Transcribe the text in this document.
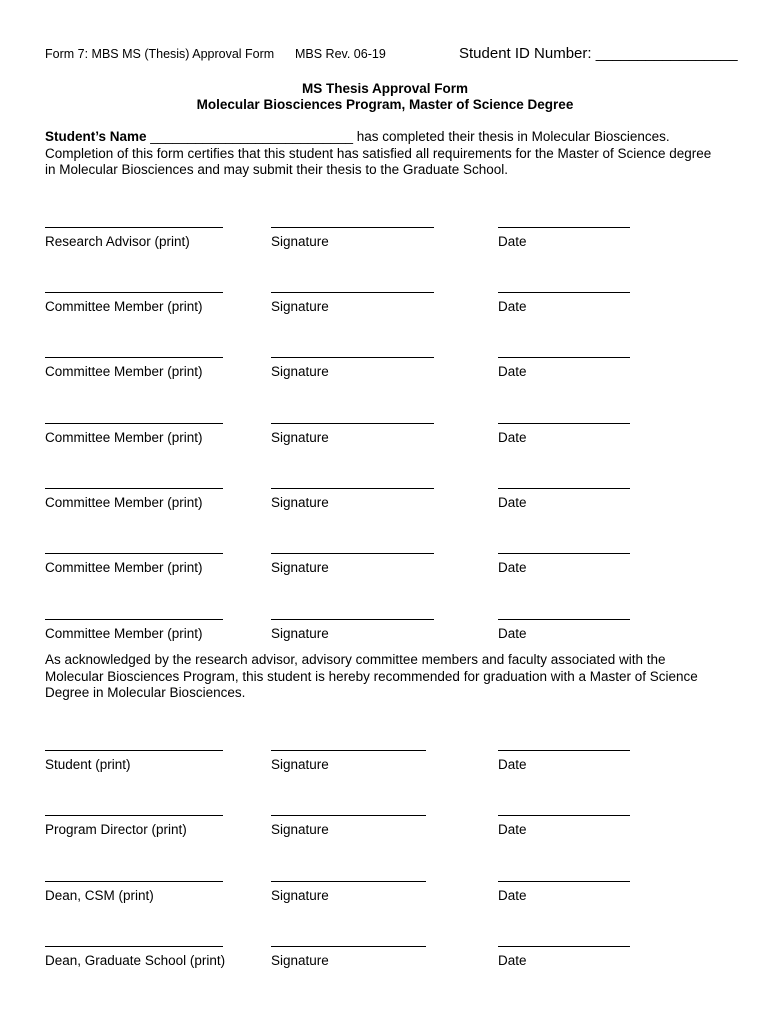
Form 7: MBS MS (Thesis) Approval Form MBS Rev. 06-19	Student ID Number: _________________
MS Thesis Approval Form
Molecular Biosciences Program, Master of Science Degree
Student’s Name ___________________________ has completed their thesis in Molecular Biosciences. Completion of this form certifies that this student has satisfied all requirements for the Master of Science degree in Molecular Biosciences and may submit their thesis to the Graduate School.
Research Advisor (print)	Signature	Date
Committee Member (print)	Signature	Date
Committee Member (print)	Signature	Date
Committee Member (print)	Signature	Date
Committee Member (print)	Signature	Date
Committee Member (print)	Signature	Date
Committee Member (print)	Signature	Date
As acknowledged by the research advisor, advisory committee members and faculty associated with the Molecular Biosciences Program, this student is hereby recommended for graduation with a Master of Science Degree in Molecular Biosciences.
Student (print)	Signature	Date
Program Director (print)	Signature	Date
Dean, CSM (print)	Signature	Date
Dean, Graduate School (print)	Signature	Date
